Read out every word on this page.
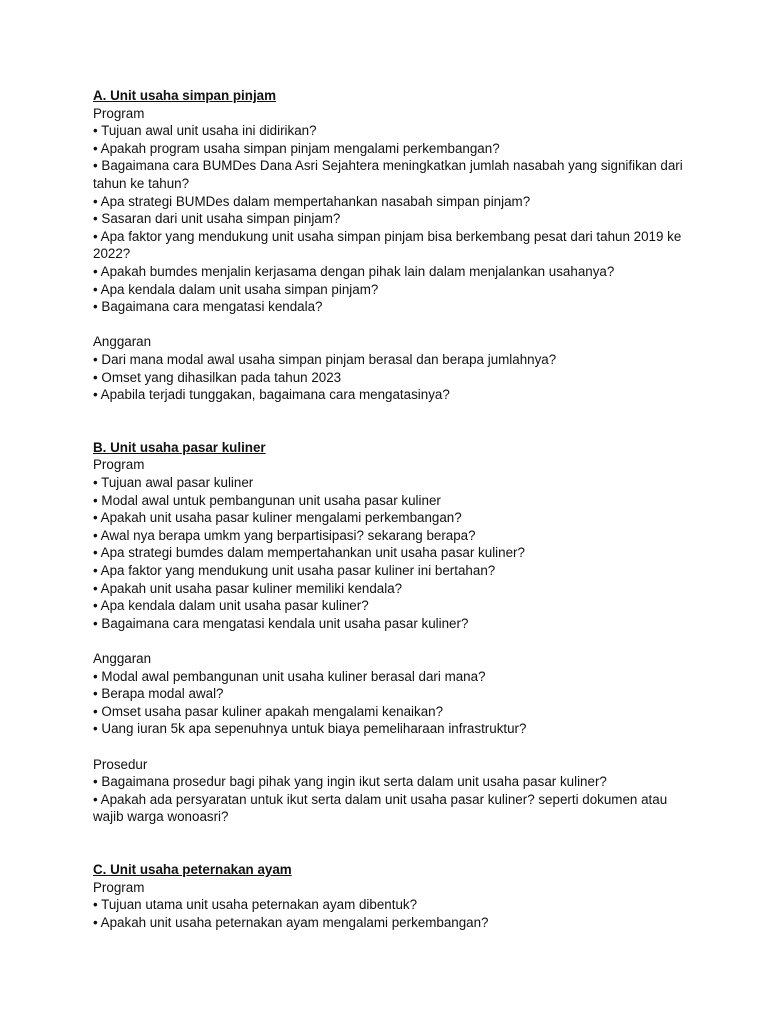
A. Unit usaha simpan pinjam
Program
• Tujuan awal unit usaha ini didirikan?
• Apakah program usaha simpan pinjam mengalami perkembangan?
• Bagaimana cara BUMDes Dana Asri Sejahtera meningkatkan jumlah nasabah yang signifikan dari tahun ke tahun?
• Apa strategi BUMDes dalam mempertahankan nasabah simpan pinjam?
• Sasaran dari unit usaha simpan pinjam?
• Apa faktor yang mendukung unit usaha simpan pinjam bisa berkembang pesat dari tahun 2019 ke 2022?
• Apakah bumdes menjalin kerjasama dengan pihak lain dalam menjalankan usahanya?
• Apa kendala dalam unit usaha simpan pinjam?
• Bagaimana cara mengatasi kendala?
Anggaran
• Dari mana modal awal usaha simpan pinjam berasal dan berapa jumlahnya?
• Omset yang dihasilkan pada tahun 2023
• Apabila terjadi tunggakan, bagaimana cara mengatasinya?
B. Unit usaha pasar kuliner
Program
• Tujuan awal pasar kuliner
• Modal awal untuk pembangunan unit usaha pasar kuliner
• Apakah unit usaha pasar kuliner mengalami perkembangan?
• Awal nya berapa umkm yang berpartisipasi? sekarang berapa?
• Apa strategi bumdes dalam mempertahankan unit usaha pasar kuliner?
• Apa faktor yang mendukung unit usaha pasar kuliner ini bertahan?
• Apakah unit usaha pasar kuliner memiliki kendala?
• Apa kendala dalam unit usaha pasar kuliner?
• Bagaimana cara mengatasi kendala unit usaha pasar kuliner?
Anggaran
• Modal awal pembangunan unit usaha kuliner berasal dari mana?
• Berapa modal awal?
• Omset usaha pasar kuliner apakah mengalami kenaikan?
• Uang iuran 5k apa sepenuhnya untuk biaya pemeliharaan infrastruktur?
Prosedur
• Bagaimana prosedur bagi pihak yang ingin ikut serta dalam unit usaha pasar kuliner?
• Apakah ada persyaratan untuk ikut serta dalam unit usaha pasar kuliner? seperti dokumen atau wajib warga wonoasri?
C. Unit usaha peternakan ayam
Program
• Tujuan utama unit usaha peternakan ayam dibentuk?
• Apakah unit usaha peternakan ayam mengalami perkembangan?
